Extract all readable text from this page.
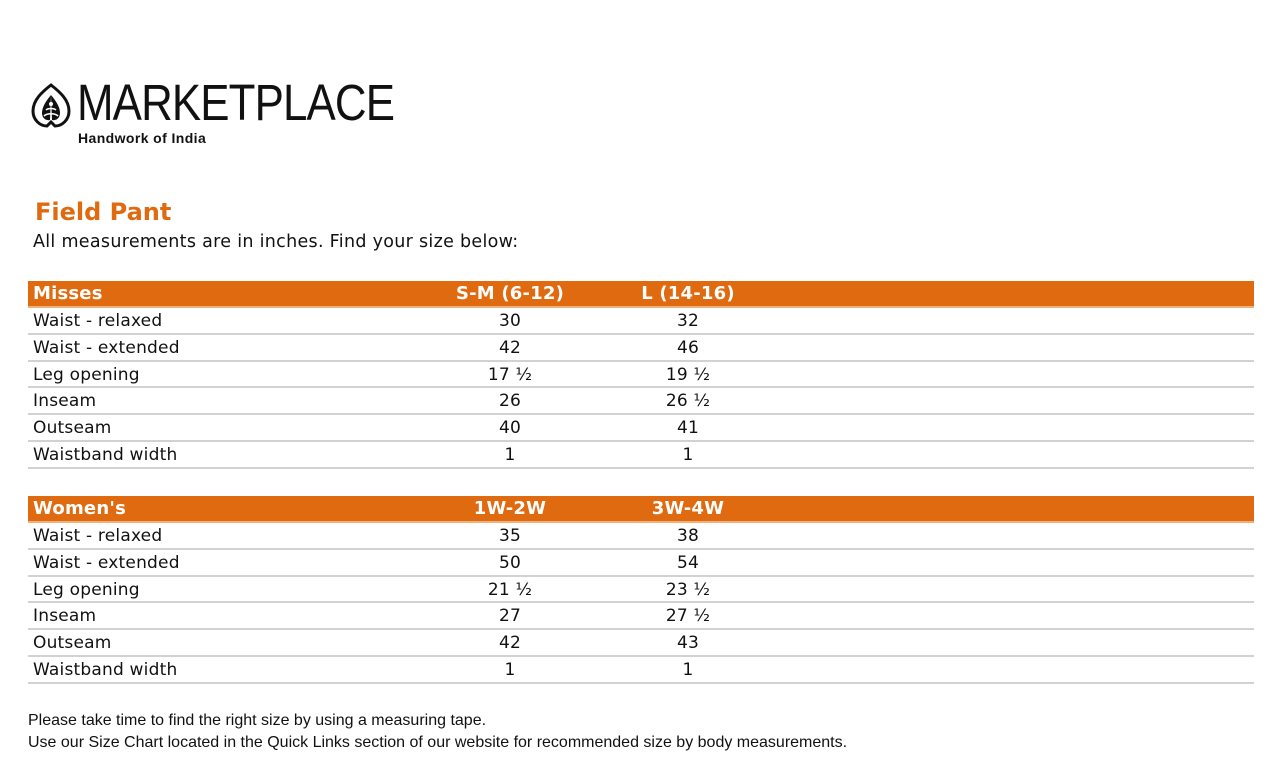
MARKETPLACE
Handwork of India
Field Pant

All measurements are in inches. Find your size below:

Misses	S-M (6-12)	L (14-16)
Waist - relaxed	30	32
Waist - extended	42	46
Leg opening	17 ½	19 ½
Inseam	26	26 ½
Outseam	40	41
Waistband width	1	1
Women's	1W-2W	3W-4W
Waist - relaxed	35	38
Waist - extended	50	54
Leg opening	21 ½	23 ½
Inseam	27	27 ½
Outseam	42	43
Waistband width	1	1
Please take time to find the right size by using a measuring tape.
Use our Size Chart located in the Quick Links section of our website for recommended size by body measurements.
